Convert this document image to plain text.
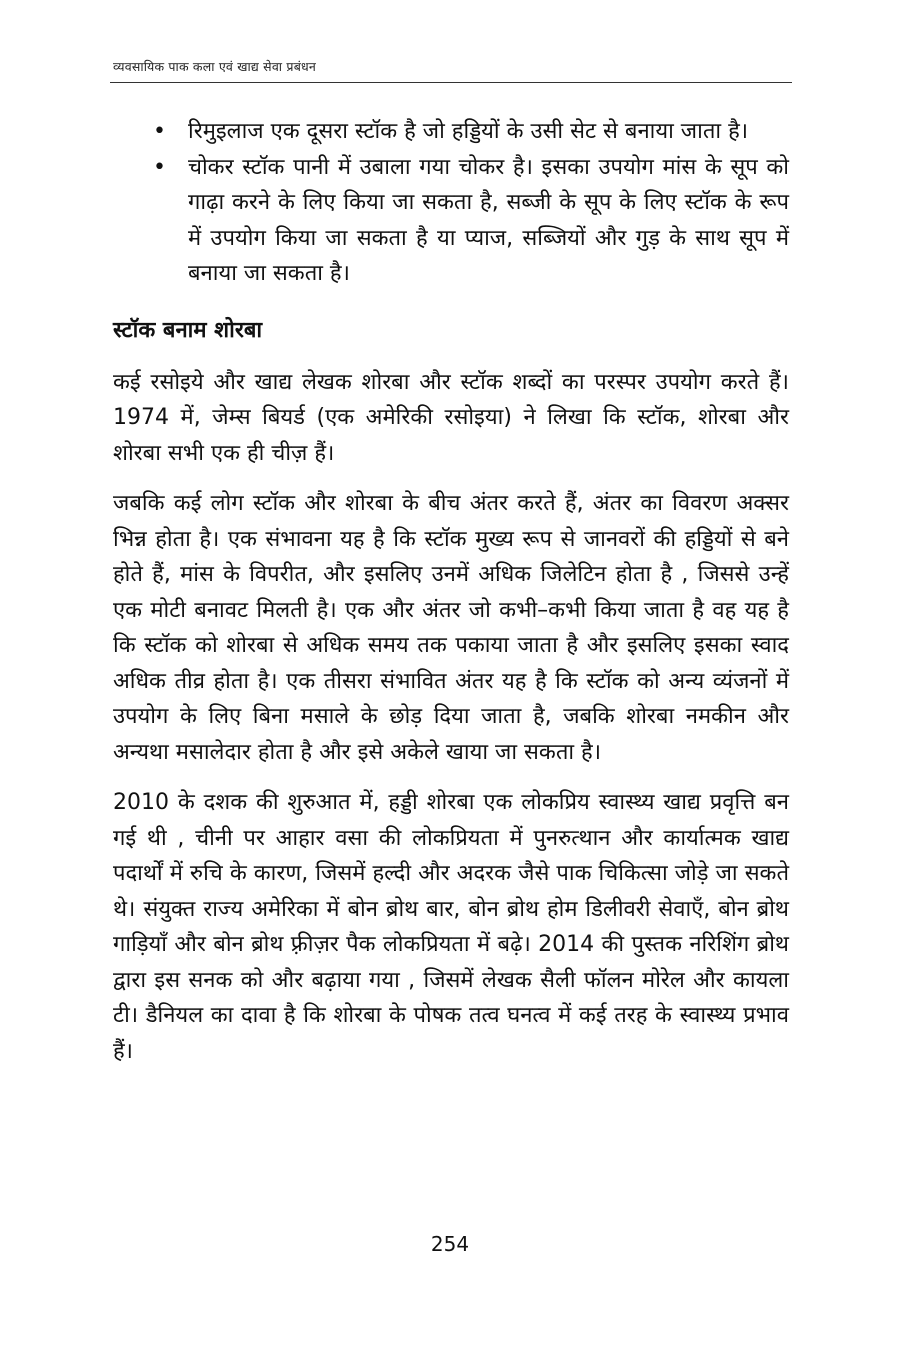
व्यवसायिक पाक कला एवं खाद्य सेवा प्रबंधन
• रिमुइलाज एक दूसरा स्टॉक है जो हड्डियों के उसी सेट से बनाया जाता है।
• चोकर स्टॉक पानी में उबाला गया चोकर है। इसका उपयोग मांस के सूप को गाढ़ा करने के लिए किया जा सकता है, सब्जी के सूप के लिए स्टॉक के रूप में उपयोग किया जा सकता है या प्याज, सब्जियों और गुड़ के साथ सूप में बनाया जा सकता है।
स्टॉक बनाम शोरबा

कई रसोइये और खाद्य लेखक शोरबा और स्टॉक शब्दों का परस्पर उपयोग करते हैं। 1974 में, जेम्स बियर्ड (एक अमेरिकी रसोइया) ने लिखा कि स्टॉक, शोरबा और शोरबा सभी एक ही चीज़ हैं।

जबकि कई लोग स्टॉक और शोरबा के बीच अंतर करते हैं, अंतर का विवरण अक्सर भिन्न होता है। एक संभावना यह है कि स्टॉक मुख्य रूप से जानवरों की हड्डियों से बने होते हैं, मांस के विपरीत, और इसलिए उनमें अधिक जिलेटिन होता है , जिससे उन्हें एक मोटी बनावट मिलती है। एक और अंतर जो कभी–कभी किया जाता है वह यह है कि स्टॉक को शोरबा से अधिक समय तक पकाया जाता है और इसलिए इसका स्वाद अधिक तीव्र होता है। एक तीसरा संभावित अंतर यह है कि स्टॉक को अन्य व्यंजनों में उपयोग के लिए बिना मसाले के छोड़ दिया जाता है, जबकि शोरबा नमकीन और अन्यथा मसालेदार होता है और इसे अकेले खाया जा सकता है।

2010 के दशक की शुरुआत में, हड्डी शोरबा एक लोकप्रिय स्वास्थ्य खाद्य प्रवृत्ति बन गई थी , चीनी पर आहार वसा की लोकप्रियता में पुनरुत्थान और कार्यात्मक खाद्य पदार्थों में रुचि के कारण, जिसमें हल्दी और अदरक जैसे पाक चिकित्सा जोड़े जा सकते थे। संयुक्त राज्य अमेरिका में बोन ब्रोथ बार, बोन ब्रोथ होम डिलीवरी सेवाएँ, बोन ब्रोथ गाड़ियाँ और बोन ब्रोथ फ़्रीज़र पैक लोकप्रियता में बढ़े। 2014 की पुस्तक नरिशिंग ब्रोथ द्वारा इस सनक को और बढ़ाया गया , जिसमें लेखक सैली फॉलन मोरेल और कायला टी। डैनियल का दावा है कि शोरबा के पोषक तत्व घनत्व में कई तरह के स्वास्थ्य प्रभाव हैं।

254
